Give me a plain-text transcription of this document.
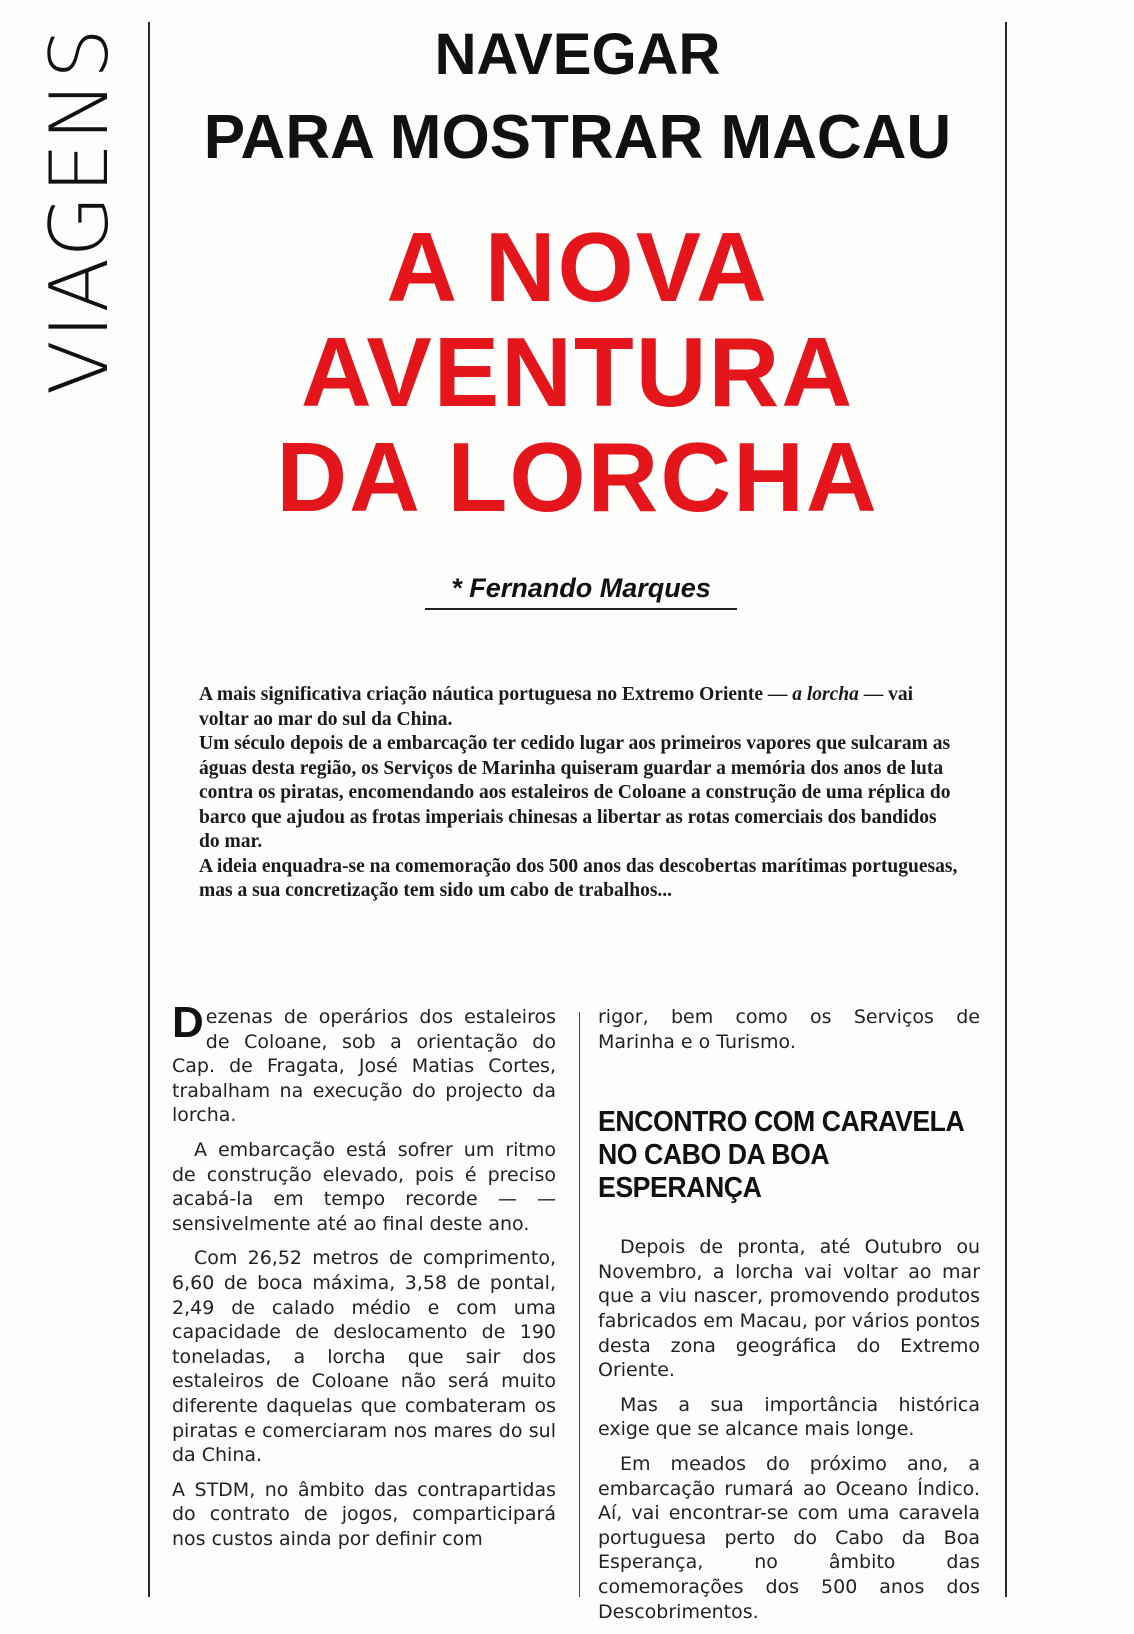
VIAGENS	NAVEGAR
PARA MOSTRAR MACAU
A NOVA
AVENTURA
DA LORCHA
* Fernando Marques

A mais significativa criação náutica portuguesa no Extremo Oriente — a lorcha — vai voltar ao mar do sul da China.

Um século depois de a embarcação ter cedido lugar aos primeiros vapores que sulcaram as águas desta região, os Serviços de Marinha quiseram guardar a memória dos anos de luta contra os piratas, encomendando aos estaleiros de Coloane a construção de uma réplica do barco que ajudou as frotas imperiais chinesas a libertar as rotas comerciais dos bandidos do mar.

A ideia enquadra-se na comemoração dos 500 anos das descobertas marítimas portuguesas, mas a sua concretização tem sido um cabo de trabalhos...

Dezenas de operários dos estaleiros de Coloane, sob a orientação do Cap. de Fragata, José Matias Cortes, trabalham na execução do projecto da lorcha.

A embarcação está sofrer um ritmo de construção elevado, pois é preciso acabá-la em tempo recorde — — sensivelmente até ao final deste ano.

Com 26,52 metros de comprimento, 6,60 de boca máxima, 3,58 de pontal, 2,49 de calado médio e com uma capacidade de deslocamento de 190 toneladas, a lorcha que sair dos estaleiros de Coloane não será muito diferente daquelas que combateram os piratas e comerciaram nos mares do sul da China.

A STDM, no âmbito das contrapartidas do contrato de jogos, comparticipará nos custos ainda por definir com

rigor, bem como os Serviços de Marinha e o Turismo.

ENCONTRO COM CARAVELA
NO CABO DA BOA
ESPERANÇA

Depois de pronta, até Outubro ou Novembro, a lorcha vai voltar ao mar que a viu nascer, promovendo produtos fabricados em Macau, por vários pontos desta zona geográfica do Extremo Oriente.

Mas a sua importância histórica exige que se alcance mais longe.

Em meados do próximo ano, a embarcação rumará ao Oceano Índico. Aí, vai encontrar-se com uma caravela portuguesa perto do Cabo da Boa Esperança, no âmbito das comemorações dos 500 anos dos Descobrimentos.
